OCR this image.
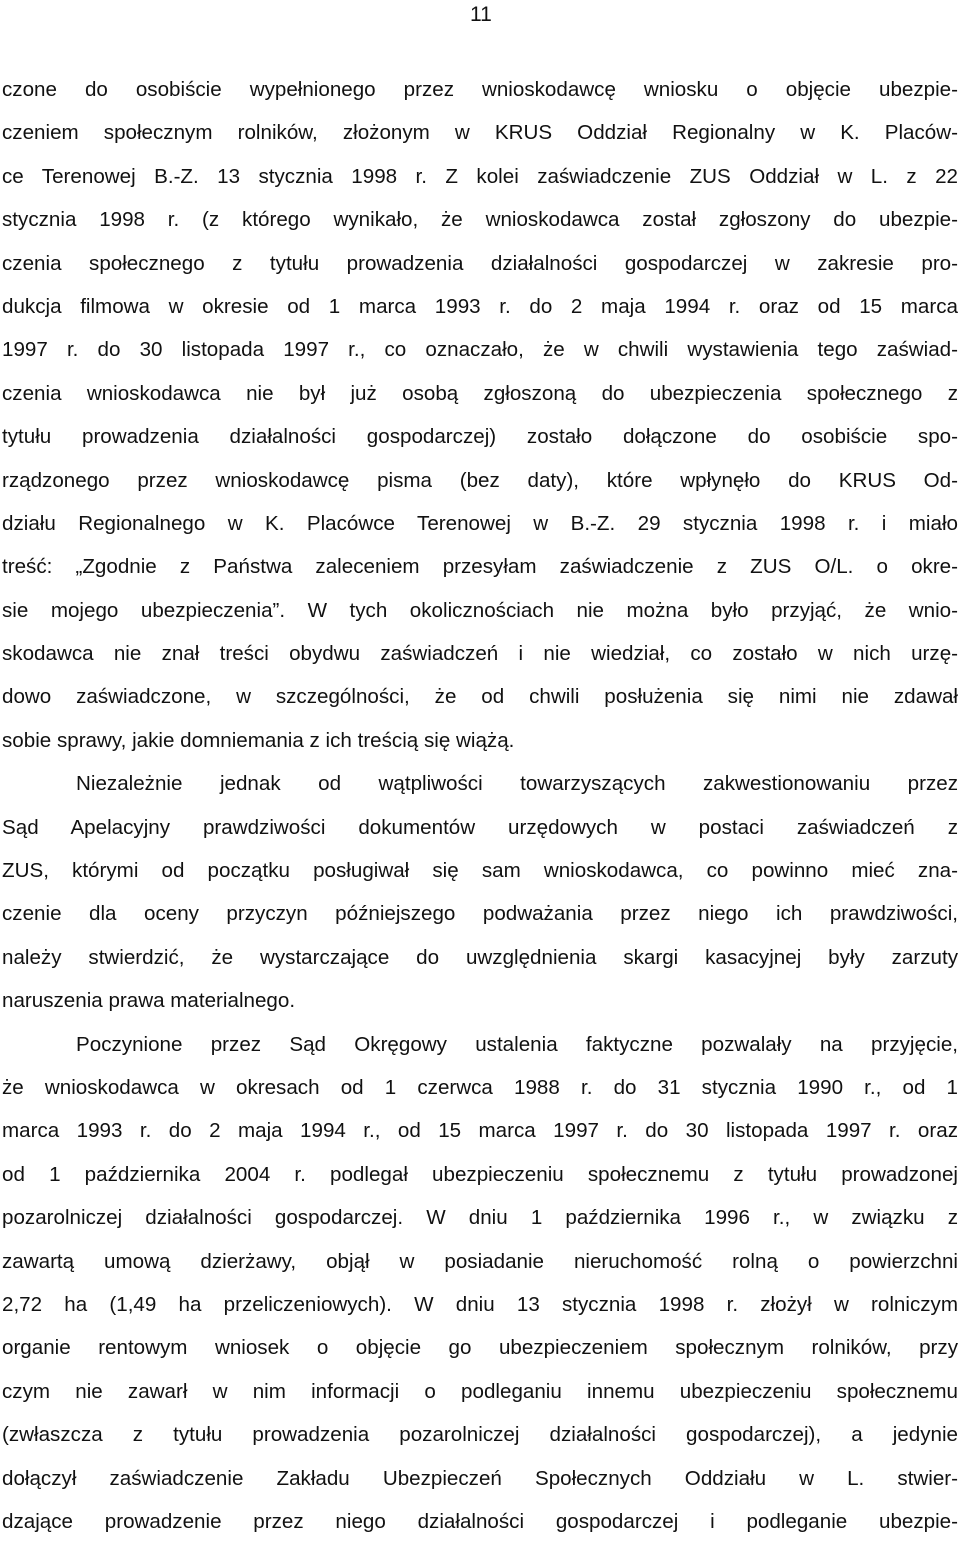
11
czone do osobiście wypełnionego przez wnioskodawcę wniosku o objęcie ubezpie-
czeniem społecznym rolników, złożonym w KRUS Oddział Regionalny w K. Placów-
ce Terenowej B.-Z. 13 stycznia 1998 r. Z kolei zaświadczenie ZUS Oddział w L. z 22
stycznia 1998 r. (z którego wynikało, że wnioskodawca został zgłoszony do ubezpie-
czenia społecznego z tytułu prowadzenia działalności gospodarczej w zakresie pro-
dukcja filmowa w okresie od 1 marca 1993 r. do 2 maja 1994 r. oraz od 15 marca
1997 r. do 30 listopada 1997 r., co oznaczało, że w chwili wystawienia tego zaświad-
czenia wnioskodawca nie był już osobą zgłoszoną do ubezpieczenia społecznego z
tytułu prowadzenia działalności gospodarczej) zostało dołączone do osobiście spo-
rządzonego przez wnioskodawcę pisma (bez daty), które wpłynęło do KRUS Od-
działu Regionalnego w K. Placówce Terenowej w B.-Z. 29 stycznia 1998 r. i miało
treść: „Zgodnie z Państwa zaleceniem przesyłam zaświadczenie z ZUS O/L. o okre-
sie mojego ubezpieczenia”. W tych okolicznościach nie można było przyjąć, że wnio-
skodawca nie znał treści obydwu zaświadczeń i nie wiedział, co zostało w nich urzę-
dowo zaświadczone, w szczególności, że od chwili posłużenia się nimi nie zdawał
sobie sprawy, jakie domniemania z ich treścią się wiążą.
Niezależnie jednak od wątpliwości towarzyszących zakwestionowaniu przez
Sąd Apelacyjny prawdziwości dokumentów urzędowych w postaci zaświadczeń z
ZUS, którymi od początku posługiwał się sam wnioskodawca, co powinno mieć zna-
czenie dla oceny przyczyn późniejszego podważania przez niego ich prawdziwości,
należy stwierdzić, że wystarczające do uwzględnienia skargi kasacyjnej były zarzuty
naruszenia prawa materialnego.
Poczynione przez Sąd Okręgowy ustalenia faktyczne pozwalały na przyjęcie,
że wnioskodawca w okresach od 1 czerwca 1988 r. do 31 stycznia 1990 r., od 1
marca 1993 r. do 2 maja 1994 r., od 15 marca 1997 r. do 30 listopada 1997 r. oraz
od 1 października 2004 r. podlegał ubezpieczeniu społecznemu z tytułu prowadzonej
pozarolniczej działalności gospodarczej. W dniu 1 października 1996 r., w związku z
zawartą umową dzierżawy, objął w posiadanie nieruchomość rolną o powierzchni
2,72 ha (1,49 ha przeliczeniowych). W dniu 13 stycznia 1998 r. złożył w rolniczym
organie rentowym wniosek o objęcie go ubezpieczeniem społecznym rolników, przy
czym nie zawarł w nim informacji o podleganiu innemu ubezpieczeniu społecznemu
(zwłaszcza z tytułu prowadzenia pozarolniczej działalności gospodarczej), a jedynie
dołączył zaświadczenie Zakładu Ubezpieczeń Społecznych Oddziału w L. stwier-
dzające prowadzenie przez niego działalności gospodarczej i podleganie ubezpie-
